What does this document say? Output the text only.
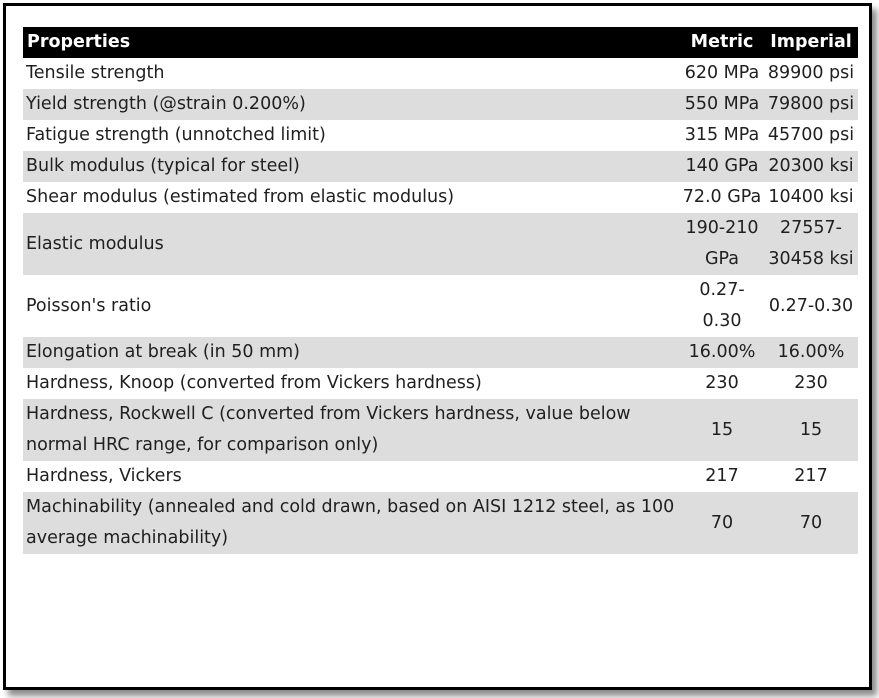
Properties	Metric	Imperial
Tensile strength	620 MPa	89900 psi
Yield strength (@strain 0.200%)	550 MPa	79800 psi
Fatigue strength (unnotched limit)	315 MPa	45700 psi
Bulk modulus (typical for steel)	140 GPa	20300 ksi
Shear modulus (estimated from elastic modulus)	72.0 GPa	10400 ksi
Elastic modulus	190-210 GPa	27557-30458 ksi
Poisson's ratio	0.27-0.30	0.27-0.30
Elongation at break (in 50 mm)	16.00%	16.00%
Hardness, Knoop (converted from Vickers hardness)	230	230
Hardness, Rockwell C (converted from Vickers hardness, value below normal HRC range, for comparison only)	15	15
Hardness, Vickers	217	217
Machinability (annealed and cold drawn, based on AISI 1212 steel, as 100 average machinability)	70	70
